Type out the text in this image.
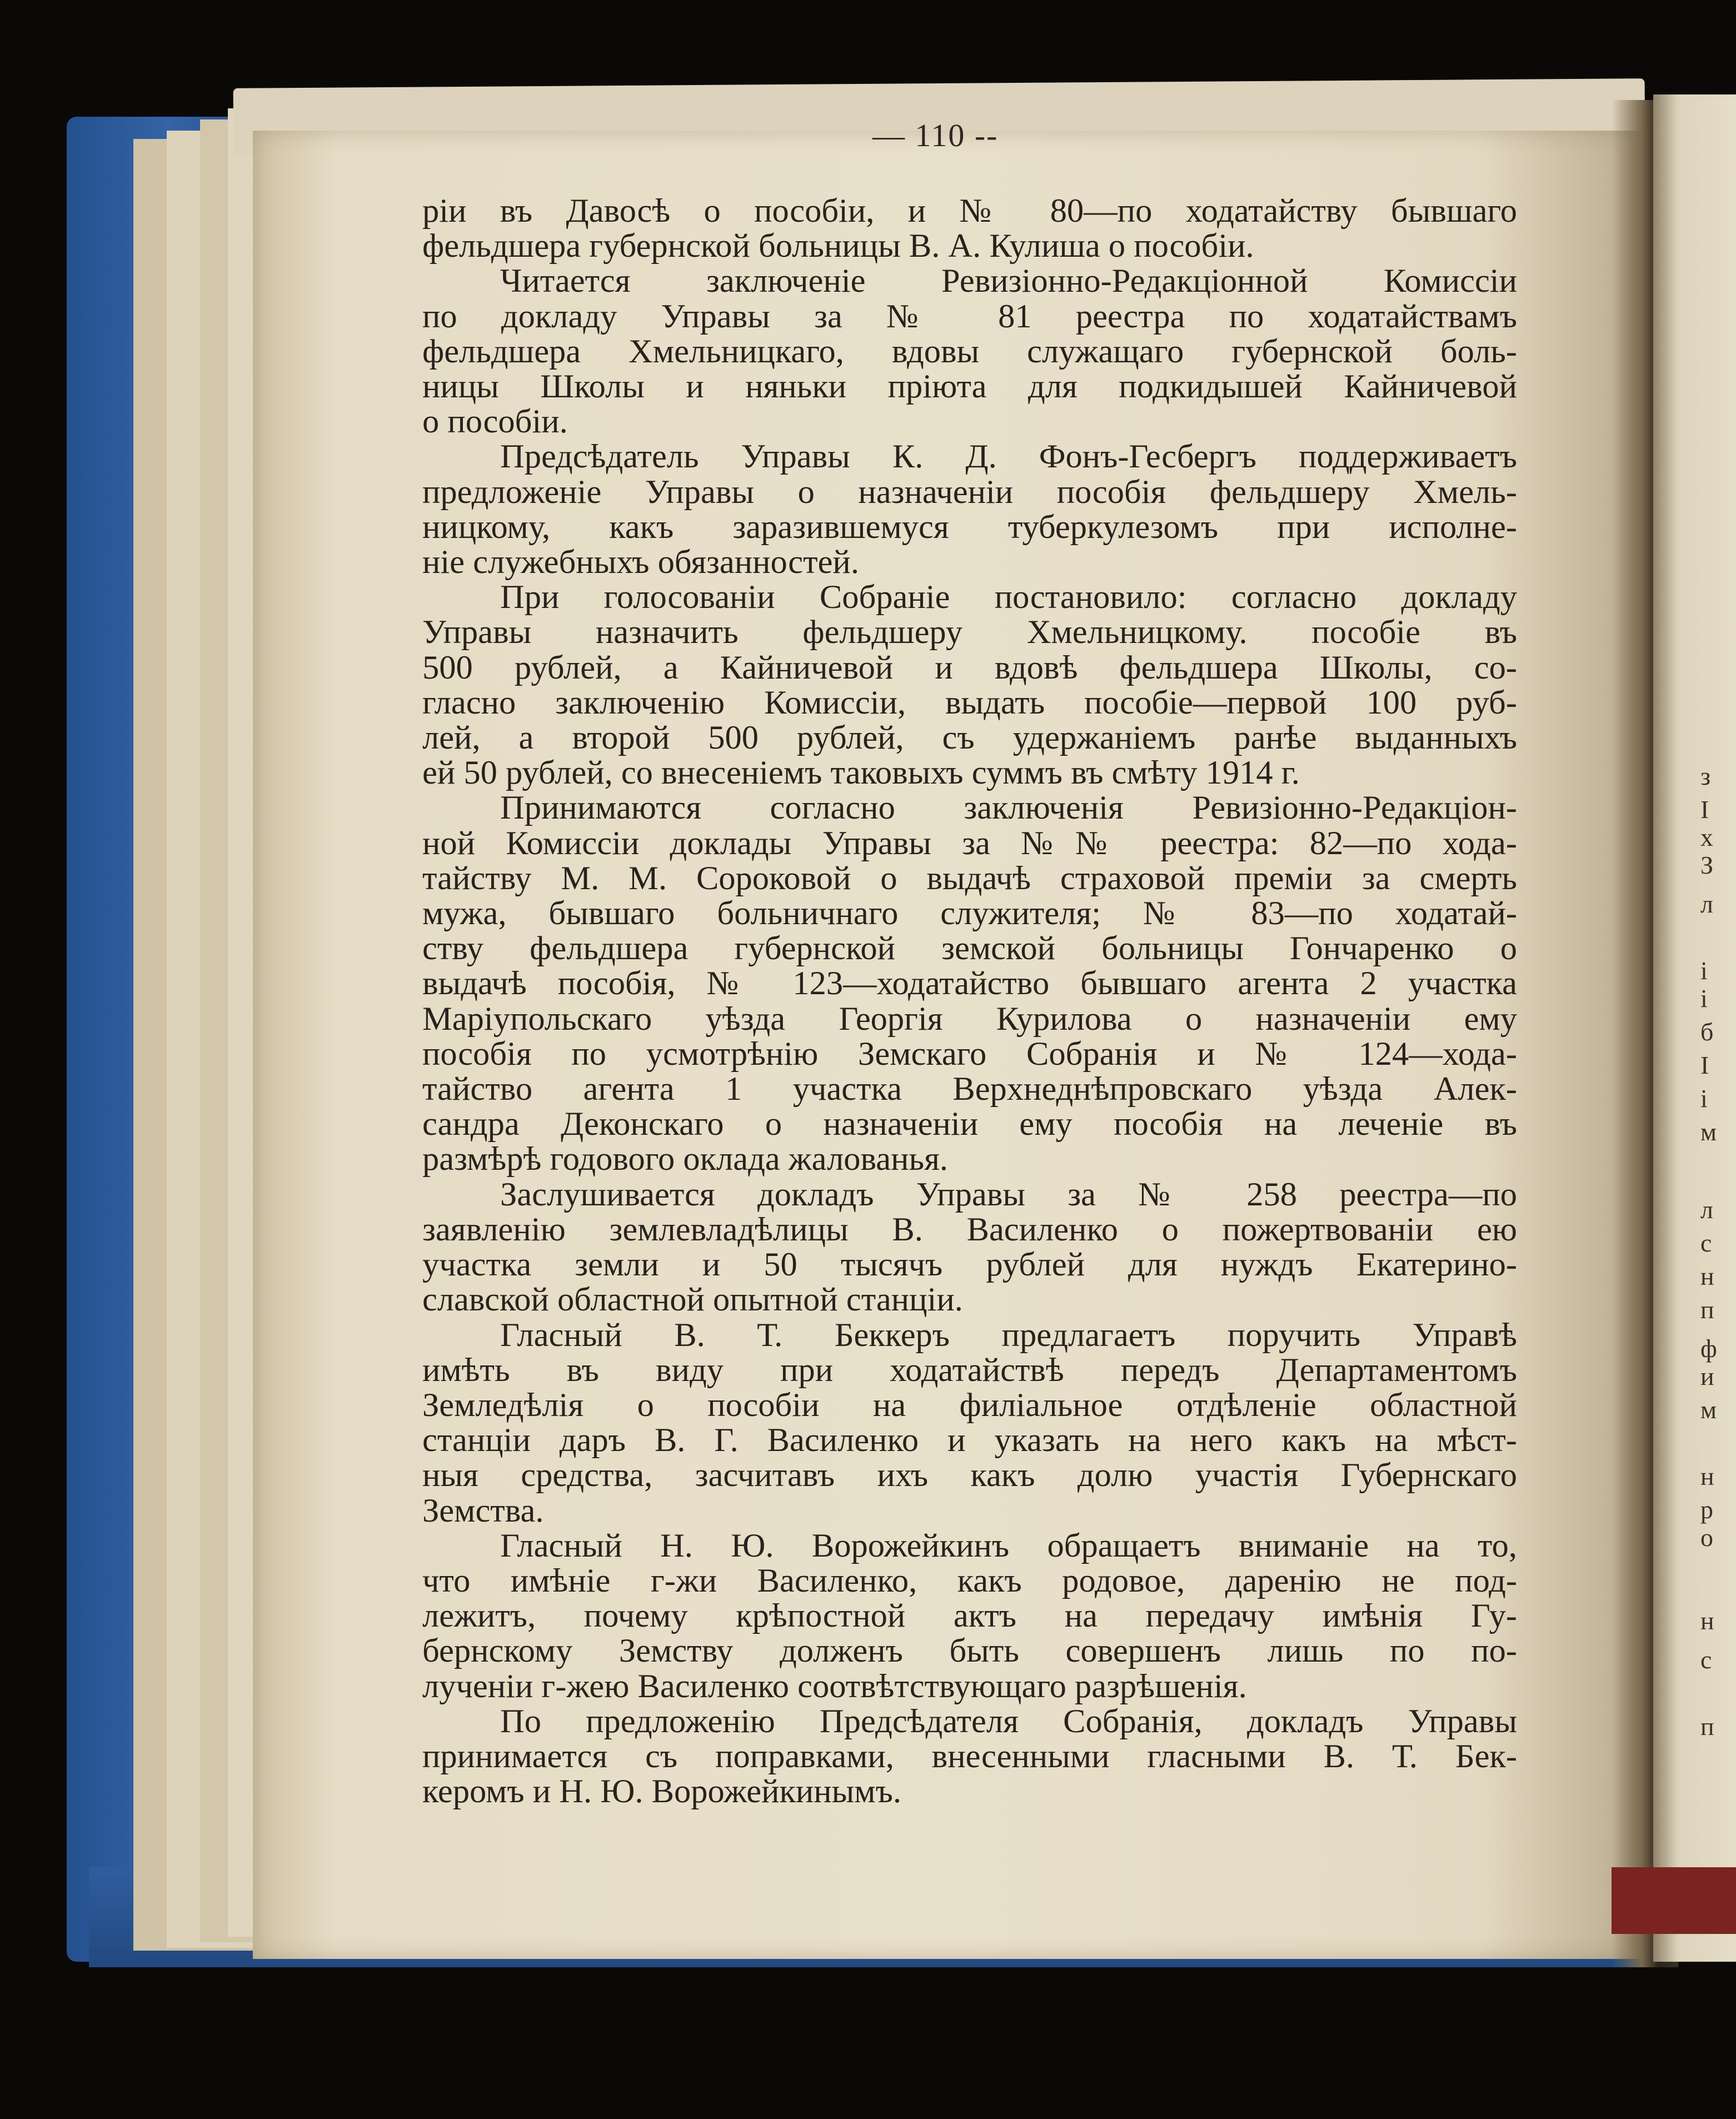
з
I
х
З
л
і
і
б
І
і
м
л
с
н
п
ф
и
м
н
р
о
н
с
п
— 110 --

ріи въ Давосѣ о пособіи, и № 80—по ходатайству бывшаго

фельдшера губернской больницы В. А. Кулиша о пособіи.

Читается заключеніе Ревизіонно-Редакціонной Комиссіи

по докладу Управы за № 81 реестра по ходатайствамъ

фельдшера Хмельницкаго, вдовы служащаго губернской боль-

ницы Школы и няньки пріюта для подкидышей Кайничевой

о пособіи.

Предсѣдатель Управы К. Д. Фонъ-Гесбергъ поддерживаетъ

предложеніе Управы о назначеніи пособія фельдшеру Хмель-

ницкому, какъ заразившемуся туберкулезомъ при исполне-

ніе служебныхъ обязанностей.

При голосованіи Собраніе постановило: согласно докладу

Управы назначить фельдшеру Хмельницкому. пособіе въ

500 рублей, а Кайничевой и вдовѣ фельдшера Школы, со-

гласно заключенію Комиссіи, выдать пособіе—первой 100 руб-

лей, а второй 500 рублей, съ удержаніемъ ранѣе выданныхъ

ей 50 рублей, со внесеніемъ таковыхъ суммъ въ смѣту 1914 г.

Принимаются согласно заключенія Ревизіонно-Редакціон-

ной Комиссіи доклады Управы за №№ реестра: 82—по хода-

тайству М. М. Сороковой о выдачѣ страховой преміи за смерть

мужа, бывшаго больничнаго служителя; № 83—по ходатай-

ству фельдшера губернской земской больницы Гончаренко о

выдачѣ пособія, № 123—ходатайство бывшаго агента 2 участка

Маріупольскаго уѣзда Георгія Курилова о назначеніи ему

пособія по усмотрѣнію Земскаго Собранія и № 124—хода-

тайство агента 1 участка Верхнеднѣпровскаго уѣзда Алек-

сандра Деконскаго о назначеніи ему пособія на леченіе въ

размѣрѣ годового оклада жалованья.

Заслушивается докладъ Управы за № 258 реестра—по

заявленію землевладѣлицы В. Василенко о пожертвованіи ею

участка земли и 50 тысячъ рублей для нуждъ Екатерино-

славской областной опытной станціи.

Гласный В. Т. Беккеръ предлагаетъ поручить Управѣ

имѣть въ виду при ходатайствѣ передъ Департаментомъ

Земледѣлія о пособіи на филіальное отдѣленіе областной

станціи даръ В. Г. Василенко и указать на него какъ на мѣст-

ныя средства, засчитавъ ихъ какъ долю участія Губернскаго

Земства.

Гласный Н. Ю. Ворожейкинъ обращаетъ вниманіе на то,

что имѣніе г-жи Василенко, какъ родовое, даренію не под-

лежитъ, почему крѣпостной актъ на передачу имѣнія Гу-

бернскому Земству долженъ быть совершенъ лишь по по-

лученіи г-жею Василенко соотвѣтствующаго разрѣшенія.

По предложенію Предсѣдателя Собранія, докладъ Управы

принимается съ поправками, внесенными гласными В. Т. Бек-

керомъ и Н. Ю. Ворожейкинымъ.
